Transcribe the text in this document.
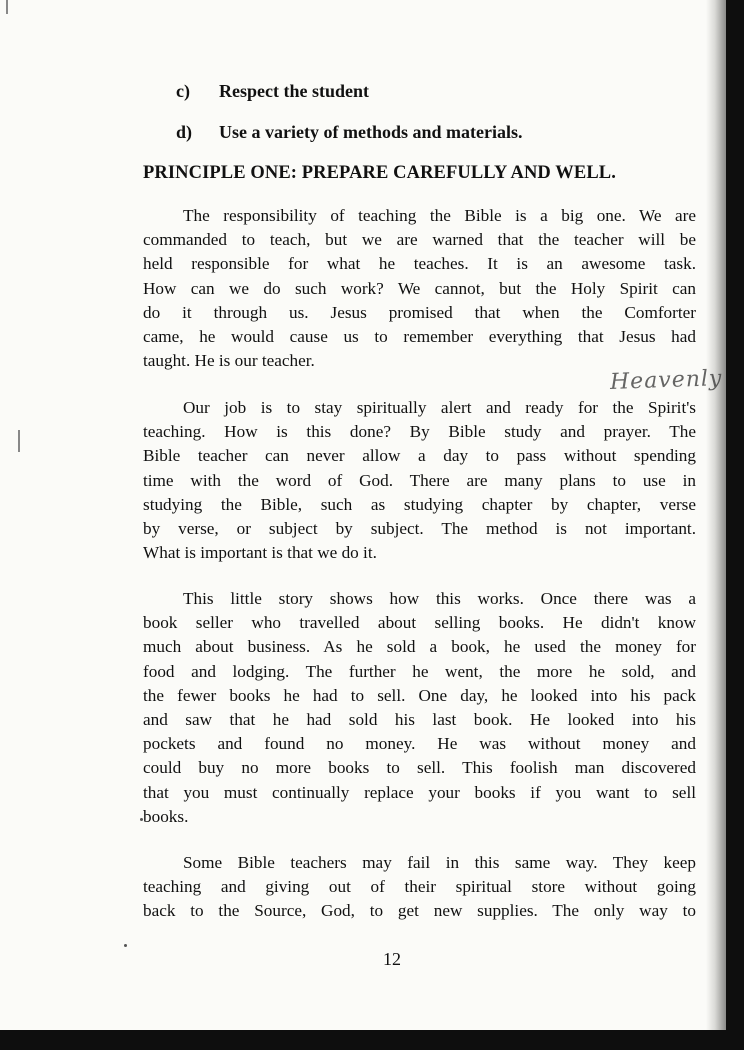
c) Respect the student
d) Use a variety of methods and materials.
PRINCIPLE ONE: PREPARE CAREFULLY AND WELL.
The responsibility of teaching the Bible is a big one. We are
commanded to teach, but we are warned that the teacher will be
held responsible for what he teaches. It is an awesome task.
How can we do such work? We cannot, but the Holy Spirit can
do it through us. Jesus promised that when the Comforter
came, he would cause us to remember everything that Jesus had
taught. He is our teacher.
Heavenly
Our job is to stay spiritually alert and ready for the Spirit's
teaching. How is this done? By Bible study and prayer. The
Bible teacher can never allow a day to pass without spending
time with the word of God. There are many plans to use in
studying the Bible, such as studying chapter by chapter, verse
by verse, or subject by subject. The method is not important.
What is important is that we do it.
This little story shows how this works. Once there was a
book seller who travelled about selling books. He didn't know
much about business. As he sold a book, he used the money for
food and lodging. The further he went, the more he sold, and
the fewer books he had to sell. One day, he looked into his pack
and saw that he had sold his last book. He looked into his
pockets and found no money. He was without money and
could buy no more books to sell. This foolish man discovered
that you must continually replace your books if you want to sell
books.
Some Bible teachers may fail in this same way. They keep
teaching and giving out of their spiritual store without going
back to the Source, God, to get new supplies. The only way to
12
